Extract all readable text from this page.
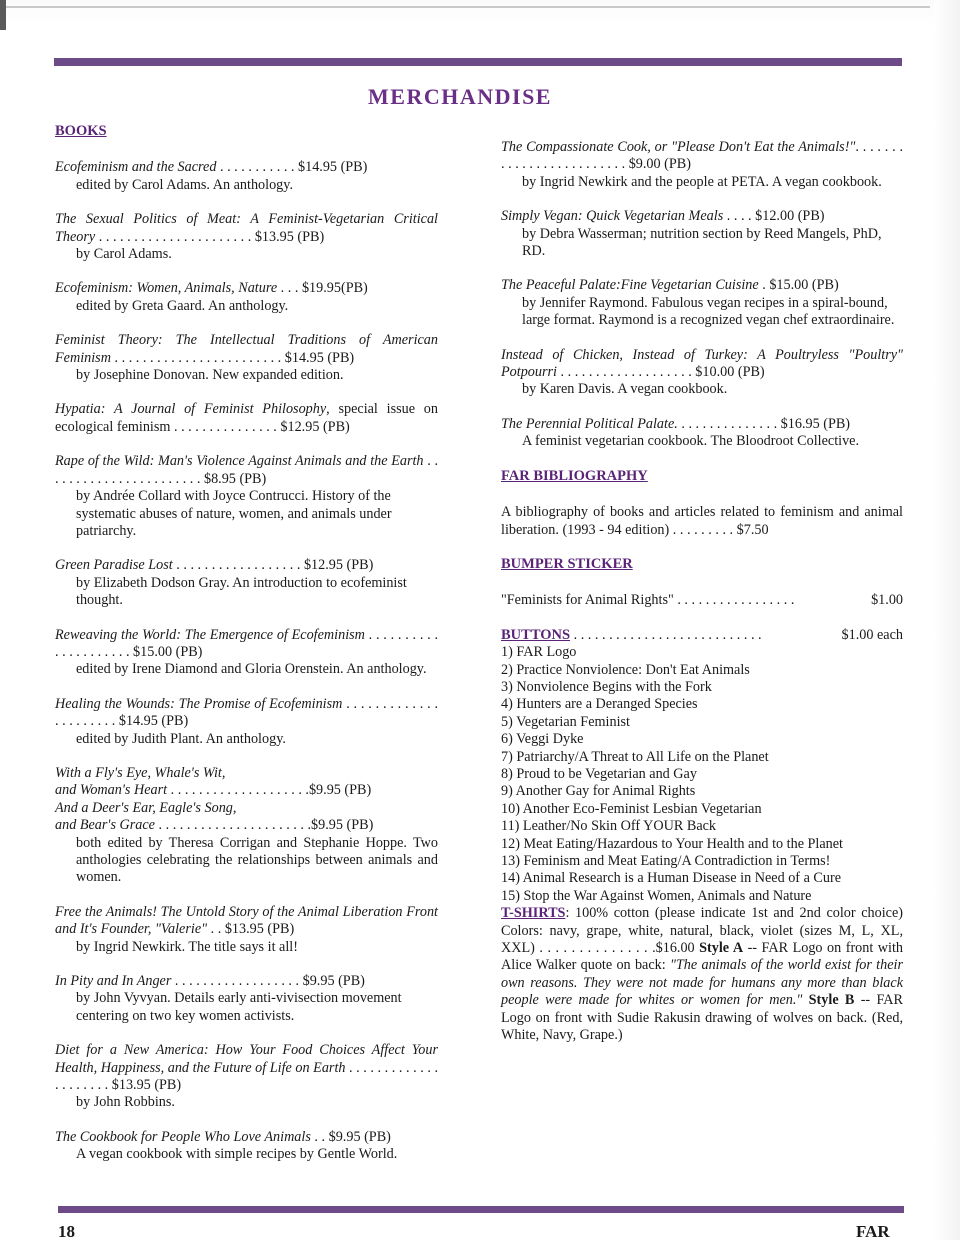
MERCHANDISE
BOOKS
Ecofeminism and the Sacred . . . . . . . . . . . $14.95 (PB)
edited by Carol Adams. An anthology.
The Sexual Politics of Meat: A Feminist-Vegetarian Critical Theory . . . . . . . . . . . . . . . . . . . . . . $13.95 (PB)
by Carol Adams.
Ecofeminism: Women, Animals, Nature . . . $19.95(PB)
edited by Greta Gaard. An anthology.
Feminist Theory: The Intellectual Traditions of American Feminism . . . . . . . . . . . . . . . . . . . . . . . . $14.95 (PB)
by Josephine Donovan. New expanded edition.
Hypatia: A Journal of Feminist Philosophy, special issue on ecological feminism . . . . . . . . . . . . . . . $12.95 (PB)
Rape of the Wild: Man's Violence Against Animals and the Earth . . . . . . . . . . . . . . . . . . . . . . . $8.95 (PB)
by Andrée Collard with Joyce Contrucci. History of the systematic abuses of nature, women, and animals under patriarchy.
Green Paradise Lost . . . . . . . . . . . . . . . . . . $12.95 (PB)
by Elizabeth Dodson Gray. An introduction to ecofeminist thought.
Reweaving the World: The Emergence of Ecofeminism . . . . . . . . . . . . . . . . . . . . . $15.00 (PB)
edited by Irene Diamond and Gloria Orenstein. An anthology.
Healing the Wounds: The Promise of Ecofeminism . . . . . . . . . . . . . . . . . . . . . . $14.95 (PB)
edited by Judith Plant. An anthology.
With a Fly's Eye, Whale's Wit,
and Woman's Heart . . . . . . . . . . . . . . . . . . . .$9.95 (PB)
And a Deer's Ear, Eagle's Song,
and Bear's Grace . . . . . . . . . . . . . . . . . . . . . .$9.95 (PB)
both edited by Theresa Corrigan and Stephanie Hoppe. Two anthologies celebrating the relationships between animals and women.
Free the Animals! The Untold Story of the Animal Liberation Front and It's Founder, "Valerie" . . $13.95 (PB)
by Ingrid Newkirk. The title says it all!
In Pity and In Anger . . . . . . . . . . . . . . . . . . $9.95 (PB)
by John Vyvyan. Details early anti-vivisection movement centering on two key women activists.
Diet for a New America: How Your Food Choices Affect Your Health, Happiness, and the Future of Life on Earth . . . . . . . . . . . . . . . . . . . . . $13.95 (PB)
by John Robbins.
The Cookbook for People Who Love Animals . . $9.95 (PB)
A vegan cookbook with simple recipes by Gentle World.
The Compassionate Cook, or "Please Don't Eat the Animals!". . . . . . . . . . . . . . . . . . . . . . . . . $9.00 (PB)
by Ingrid Newkirk and the people at PETA. A vegan cookbook.
Simply Vegan: Quick Vegetarian Meals . . . . $12.00 (PB)
by Debra Wasserman; nutrition section by Reed Mangels, PhD, RD.
The Peaceful Palate:Fine Vegetarian Cuisine . $15.00 (PB)
by Jennifer Raymond. Fabulous vegan recipes in a spiral-bound, large format. Raymond is a recognized vegan chef extraordinaire.
Instead of Chicken, Instead of Turkey: A Poultryless "Poultry" Potpourri . . . . . . . . . . . . . . . . . . . $10.00 (PB)
by Karen Davis. A vegan cookbook.
The Perennial Political Palate. . . . . . . . . . . . . . . $16.95 (PB)
A feminist vegetarian cookbook. The Bloodroot Collective.
FAR BIBLIOGRAPHY
A bibliography of books and articles related to feminism and animal liberation. (1993 - 94 edition) . . . . . . . . . $7.50
BUMPER STICKER
"Feminists for Animal Rights" . . . . . . . . . . . . . . . . .	$1.00
BUTTONS . . . . . . . . . . . . . . . . . . . . . . . . . . .	$1.00 each
1) FAR Logo
2) Practice Nonviolence: Don't Eat Animals
3) Nonviolence Begins with the Fork
4) Hunters are a Deranged Species
5) Vegetarian Feminist
6) Veggi Dyke
7) Patriarchy/A Threat to All Life on the Planet
8) Proud to be Vegetarian and Gay
9) Another Gay for Animal Rights
10) Another Eco-Feminist Lesbian Vegetarian
11) Leather/No Skin Off YOUR Back
12) Meat Eating/Hazardous to Your Health and to the Planet
13) Feminism and Meat Eating/A Contradiction in Terms!
14) Animal Research is a Human Disease in Need of a Cure
15) Stop the War Against Women, Animals and Nature
T-SHIRTS: 100% cotton (please indicate 1st and 2nd color choice) Colors: navy, grape, white, natural, black, violet (sizes M, L, XL, XXL) . . . . . . . . . . . . . . .$16.00 Style A -- FAR Logo on front with Alice Walker quote on back: "The animals of the world exist for their own reasons. They were not made for humans any more than black people were made for whites or women for men." Style B -- FAR Logo on front with Sudie Rakusin drawing of wolves on back. (Red, White, Navy, Grape.)
18	FAR
